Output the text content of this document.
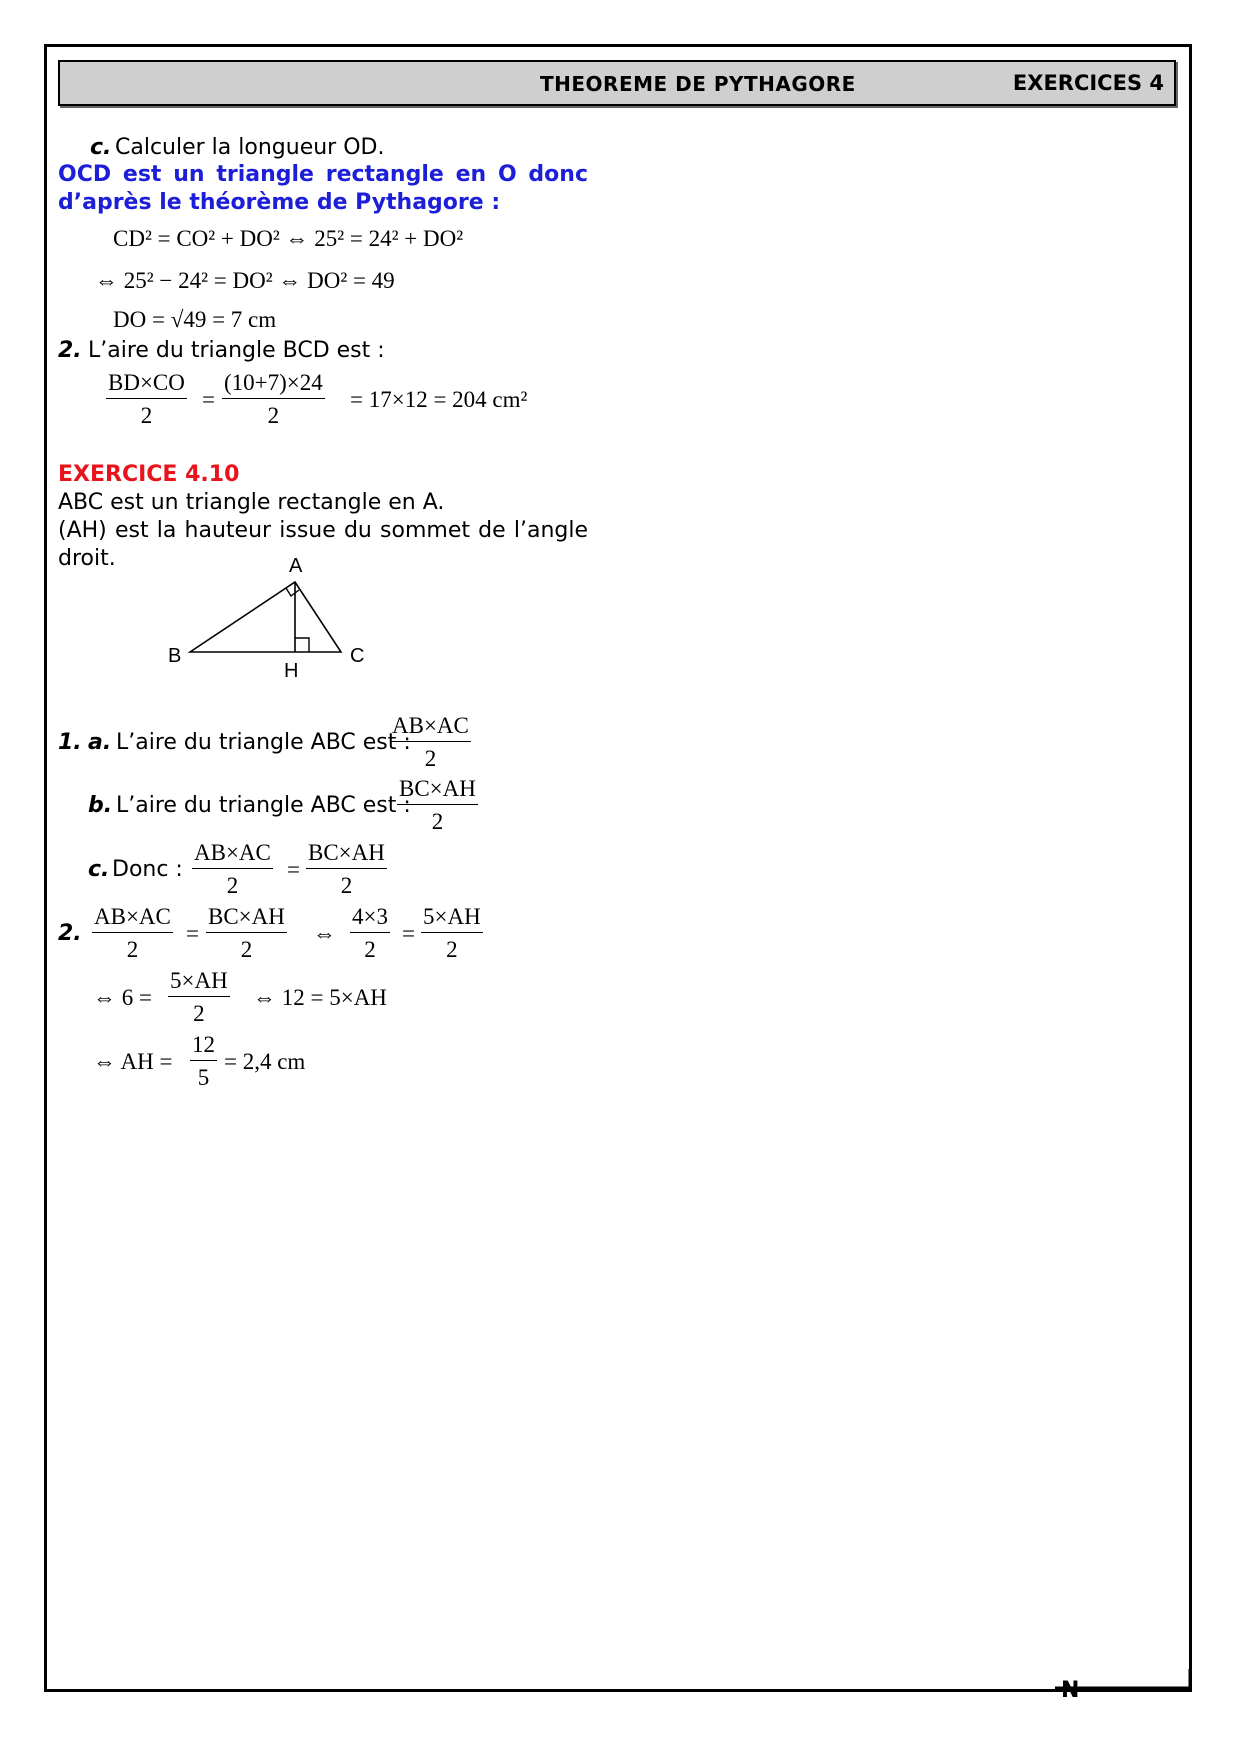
THEOREME DE PYTHAGORE	EXERCICES 4
c. Calculer la longueur OD.
OCD est un triangle rectangle en O donc
d’après le théorème de Pythagore :
CD² = CO² + DO² ⇔ 25² = 24² + DO²
⇔ 25² − 24² = DO² ⇔ DO² = 49
DO = √49 = 7 cm
2. L’aire du triangle BCD est :
$\frac{BD\times CO}{2} = \frac{(10+7)\times 24}{2} = 17\times 12 = 204$ cm²
EXERCICE 4.10
ABC est un triangle rectangle en A.
(AH) est la hauteur issue du sommet de l’angle
droit.	A
B	C
H
1. a. L’aire du triangle ABC est :
$\frac{AB\times AC}{2}$
b. L’aire du triangle ABC est :
$\frac{BC\times AH}{2}$
c. Donc : $\frac{AB\times AC}{2} = \frac{BC\times AH}{2}$
2. $\frac{AB\times AC}{2} = \frac{BC\times AH}{2}$ ⇔ $\frac{4\times 3}{2} = \frac{5\times AH}{2}$
⇔ $6 = \frac{5\times AH}{2}$ ⇔ 12 = 5×AH
⇔ AH = $\frac{12}{5} = 2,4$ cm
N
